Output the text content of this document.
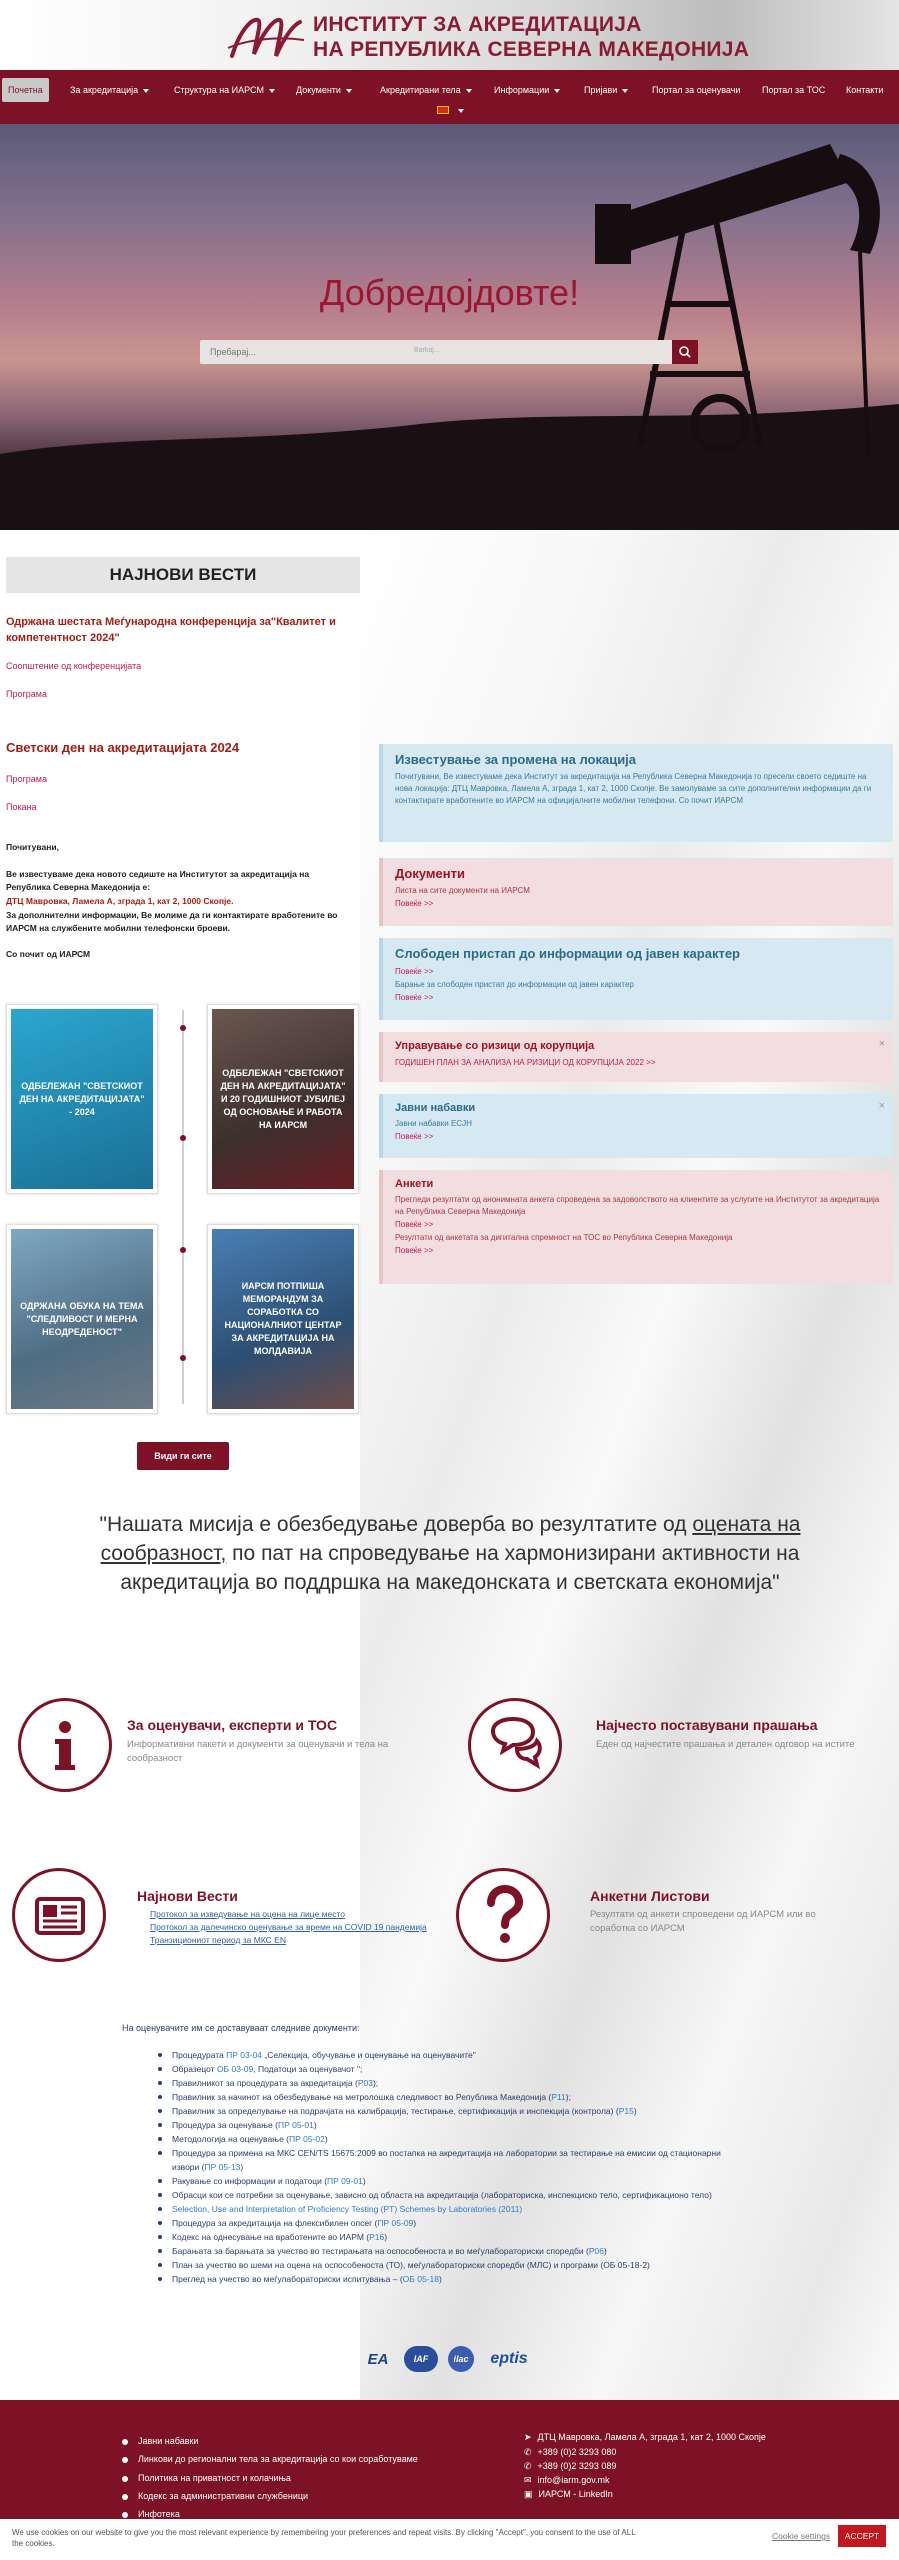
ИНСТИТУТ ЗА АКРЕДИТАЦИЈА
НА РЕПУБЛИКА СЕВЕРНА МАКЕДОНИЈА
Почетна	За акредитација	Структура на ИАРСМ	Документи	Акредитирани тела	Информации	Пријави	Портал за оценувачи	Портал за ТОС	Контакти
Добредојдовте!
Пребарај...
Barkaj...
НАЈНОВИ ВЕСТИ
Одржана шестата Меѓународна конференција за"Квалитет и компетентност 2024"
Соопштение од конференцијата
Програма
Светски ден на акредитацијата 2024
Програма
Покана
Почитувани,
Ве известуваме дека новото седиште на Институтот за акредитација на Република Северна Македонија е:
ДТЦ Мавровка, Ламела А, зграда 1, кат 2, 1000 Скопје.
За дополнителни информации, Ве молиме да ги контактирате вработените во ИАРСМ на службените мобилни телефонски броеви.
Со почит од ИАРСМ
ОДБЕЛЕЖАН "СВЕТСКИОТ ДЕН НА АКРЕДИТАЦИЈАТА" - 2024
ОДБЕЛЕЖАН "СВЕТСКИОТ ДЕН НА АКРЕДИТАЦИЈАТА" И 20 ГОДИШНИОТ ЈУБИЛЕЈ ОД ОСНОВАЊЕ И РАБОТА НА ИАРСМ
ОДРЖАНА ОБУКА НА ТЕМА "СЛЕДЛИВОСТ И МЕРНА НЕОДРЕДЕНОСТ"
ИАРСМ ПОТПИША МЕМОРАНДУМ ЗА СОРАБОТКА СО НАЦИОНАЛНИОТ ЦЕНТАР ЗА АКРЕДИТАЦИЈА НА МОЛДАВИЈА
Види ги сите
Известување за промена на локација

Почитувани, Ве известуваме дека Институт за акредитација на Република Северна Македонија го пресели своето седиште на нова локација: ДТЦ Мавровка, Ламела А, зграда 1, кат 2, 1000 Скопје. Ве замолуваме за сите дополнителни информации да ги контактирате вработените во ИАРСМ на официјалните мобилни телефони. Со почит ИАРСМ

Документи

Листа на сите документи на ИАРСМ

Повеќе >>
Слободен пристап до информации од јавен карактер
Повеќе >>

Барање за слободен пристап до информации од јавен карактер

Повеќе >>
×
Управување со ризици од корупција
ГОДИШЕН ПЛАН ЗА АНАЛИЗА НА РИЗИЦИ ОД КОРУПЦИЈА 2022 >>
×
Јавни набавки

Јавни набавки ЕСЈН

Повеќе >>
Анкети

Прегледи резултати од анонимната анкета спроведена за задоволството на клиентите за услугите на Институтот за акредитација на Република Северна Македонија

Повеќе >>

Резултати од анкетата за дигитална спремност на ТОС во Република Северна Македонија

Повеќе >>
"Нашата мисија е обезбедување доверба во резултатите од оцената на сообразност, по пат на спроведување на хармонизирани активности на акредитација во поддршка на македонската и светската економија"
За оценувачи, експерти и ТОС
Информативни пакети и документи за оценувачи и тела на сообразност
Најчесто поставувани прашања
Еден од најчестите прашања и детален одговор на истите
Најнови Вести
Протокол за изведување на оцена на лице место
Протокол за далечинско оценување за време на COVID 19 пандемија
Транзициониот период за МКС EN
Анкетни Листови
Резултати од анкети спроведени од ИАРСМ или во соработка со ИАРСМ
На оценувачите им се доставуваат следниве документи:
Процедурата ПР 03-04 „Селекција, обучување и оценување на оценувачите"
Образецот ОБ 03-09, Податоци за оценувачот ";
Правилникот за процедурата за акредитација (Р03);
Правилник за начинот на обезбедување на метролошка следливост во Република Македонија (Р11);
Правилник за определување на подрачјата на калибрација, тестирање, сертификација и инспекција (контрола) (Р15)
Процедура за оценување (ПР 05-01)
Методологија на оценување (ПР 05-02)
Процедура за примена на МКС CEN/TS 15675:2009 во постапка на акредитација на лаборатории за тестирање на емисии од стационарни извори (ПР 05-13)
Ракување со информации и податоци (ПР 09-01)
Обрасци кои се потребни за оценување, зависно од областа на акредитација (лабораториска, инспекциско тело, сертификационо тело)
Selection, Use and Interpretation of Proficiency Testing (PT) Schemes by Laboratories (2011)
Процедура за акредитација на флексибилен опсег (ПР 05-09)
Кодекс на однесување на вработените во ИАРМ (Р16)
Барањата за барањата за учество во тестирањата на оспособеноста и во меѓулабораториски споредби (Р06)
План за учество во шеми на оцена на оспособеноста (ТО), меѓулабораториски споредби (МЛС) и програми (ОБ 05-18-2)
Преглед на учество во меѓулабораториски испитувања – (ОБ 05-18)
EA	IAF	ilac eptis
Јавни набавки
Линкови до регионални тела за акредитација со кои соработуваме
Политика на приватност и колачиња
Кодекс за административни службеници
Инфотека
➤ ДТЦ Мавровка, Ламела А, зграда 1, кат 2, 1000 Скопје
✆ +389 (0)2 3293 080
✆ +389 (0)2 3293 089
✉ info@iarm.gov.mk
▣ ИАРСМ - LinkedIn
We use cookies on our website to give you the most relevant experience by remembering your preferences and repeat visits. By clicking "Accept", you consent to the use of ALL the cookies.
Cookie settings	ACCEPT
